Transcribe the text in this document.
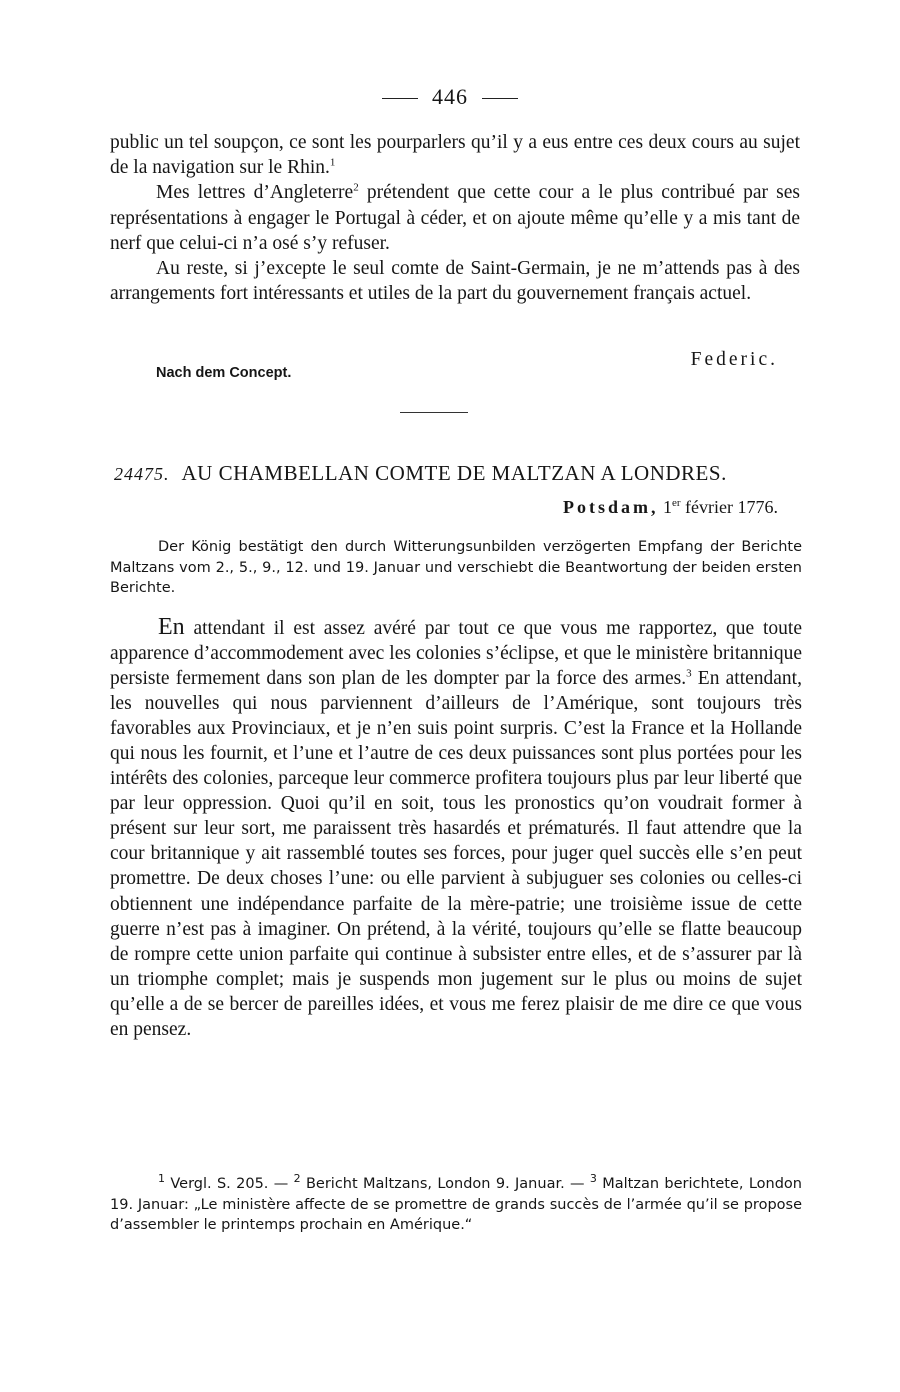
446

public un tel soupçon, ce sont les pourparlers qu’il y a eus entre ces deux cours au sujet de la navigation sur le Rhin.$^1$

Mes lettres d’Angleterre$^2$ prétendent que cette cour a le plus contribué par ses représentations à engager le Portugal à céder, et on ajoute même qu’elle y a mis tant de nerf que celui-ci n’a osé s’y refuser.

Au reste, si j’excepte le seul comte de Saint-Germain, je ne m’attends pas à des arrangements fort intéressants et utiles de la part du gouvernement français actuel.

Federic.
Nach dem Concept.
24475. AU CHAMBELLAN COMTE DE MALTZAN A LONDRES.
Potsdam, 1er février 1776.
Der König bestätigt den durch Witterungsunbilden verzögerten Empfang der Berichte Maltzans vom 2., 5., 9., 12. und 19. Januar und verschiebt die Beantwortung der beiden ersten Berichte.
En attendant il est assez avéré par tout ce que vous me rapportez, que toute apparence d’accommodement avec les colonies s’éclipse, et que le ministère britannique persiste fermement dans son plan de les dompter par la force des armes.$^3$ En attendant, les nouvelles qui nous parviennent d’ailleurs de l’Amérique, sont toujours très favorables aux Provinciaux, et je n’en suis point surpris. C’est la France et la Hollande qui nous les fournit, et l’une et l’autre de ces deux puissances sont plus portées pour les intérêts des colonies, parceque leur commerce profitera toujours plus par leur liberté que par leur oppression. Quoi qu’il en soit, tous les pronostics qu’on voudrait former à présent sur leur sort, me paraissent très hasardés et prématurés. Il faut attendre que la cour britannique y ait rassemblé toutes ses forces, pour juger quel succès elle s’en peut promettre. De deux choses l’une: ou elle parvient à subjuguer ses colonies ou celles-ci obtiennent une indépendance parfaite de la mère-patrie; une troisième issue de cette guerre n’est pas à imaginer. On prétend, à la vérité, toujours qu’elle se flatte beaucoup de rompre cette union parfaite qui continue à subsister entre elles, et de s’assurer par là un triomphe complet; mais je suspends mon jugement sur le plus ou moins de sujet qu’elle a de se bercer de pareilles idées, et vous me ferez plaisir de me dire ce que vous en pensez.
$^1$ Vergl. S. 205. — $^2$ Bericht Maltzans, London 9. Januar. — $^3$ Maltzan berichtete, London 19. Januar: „Le ministère affecte de se promettre de grands succès de l’armée qu’il se propose d’assembler le printemps prochain en Amérique.“
